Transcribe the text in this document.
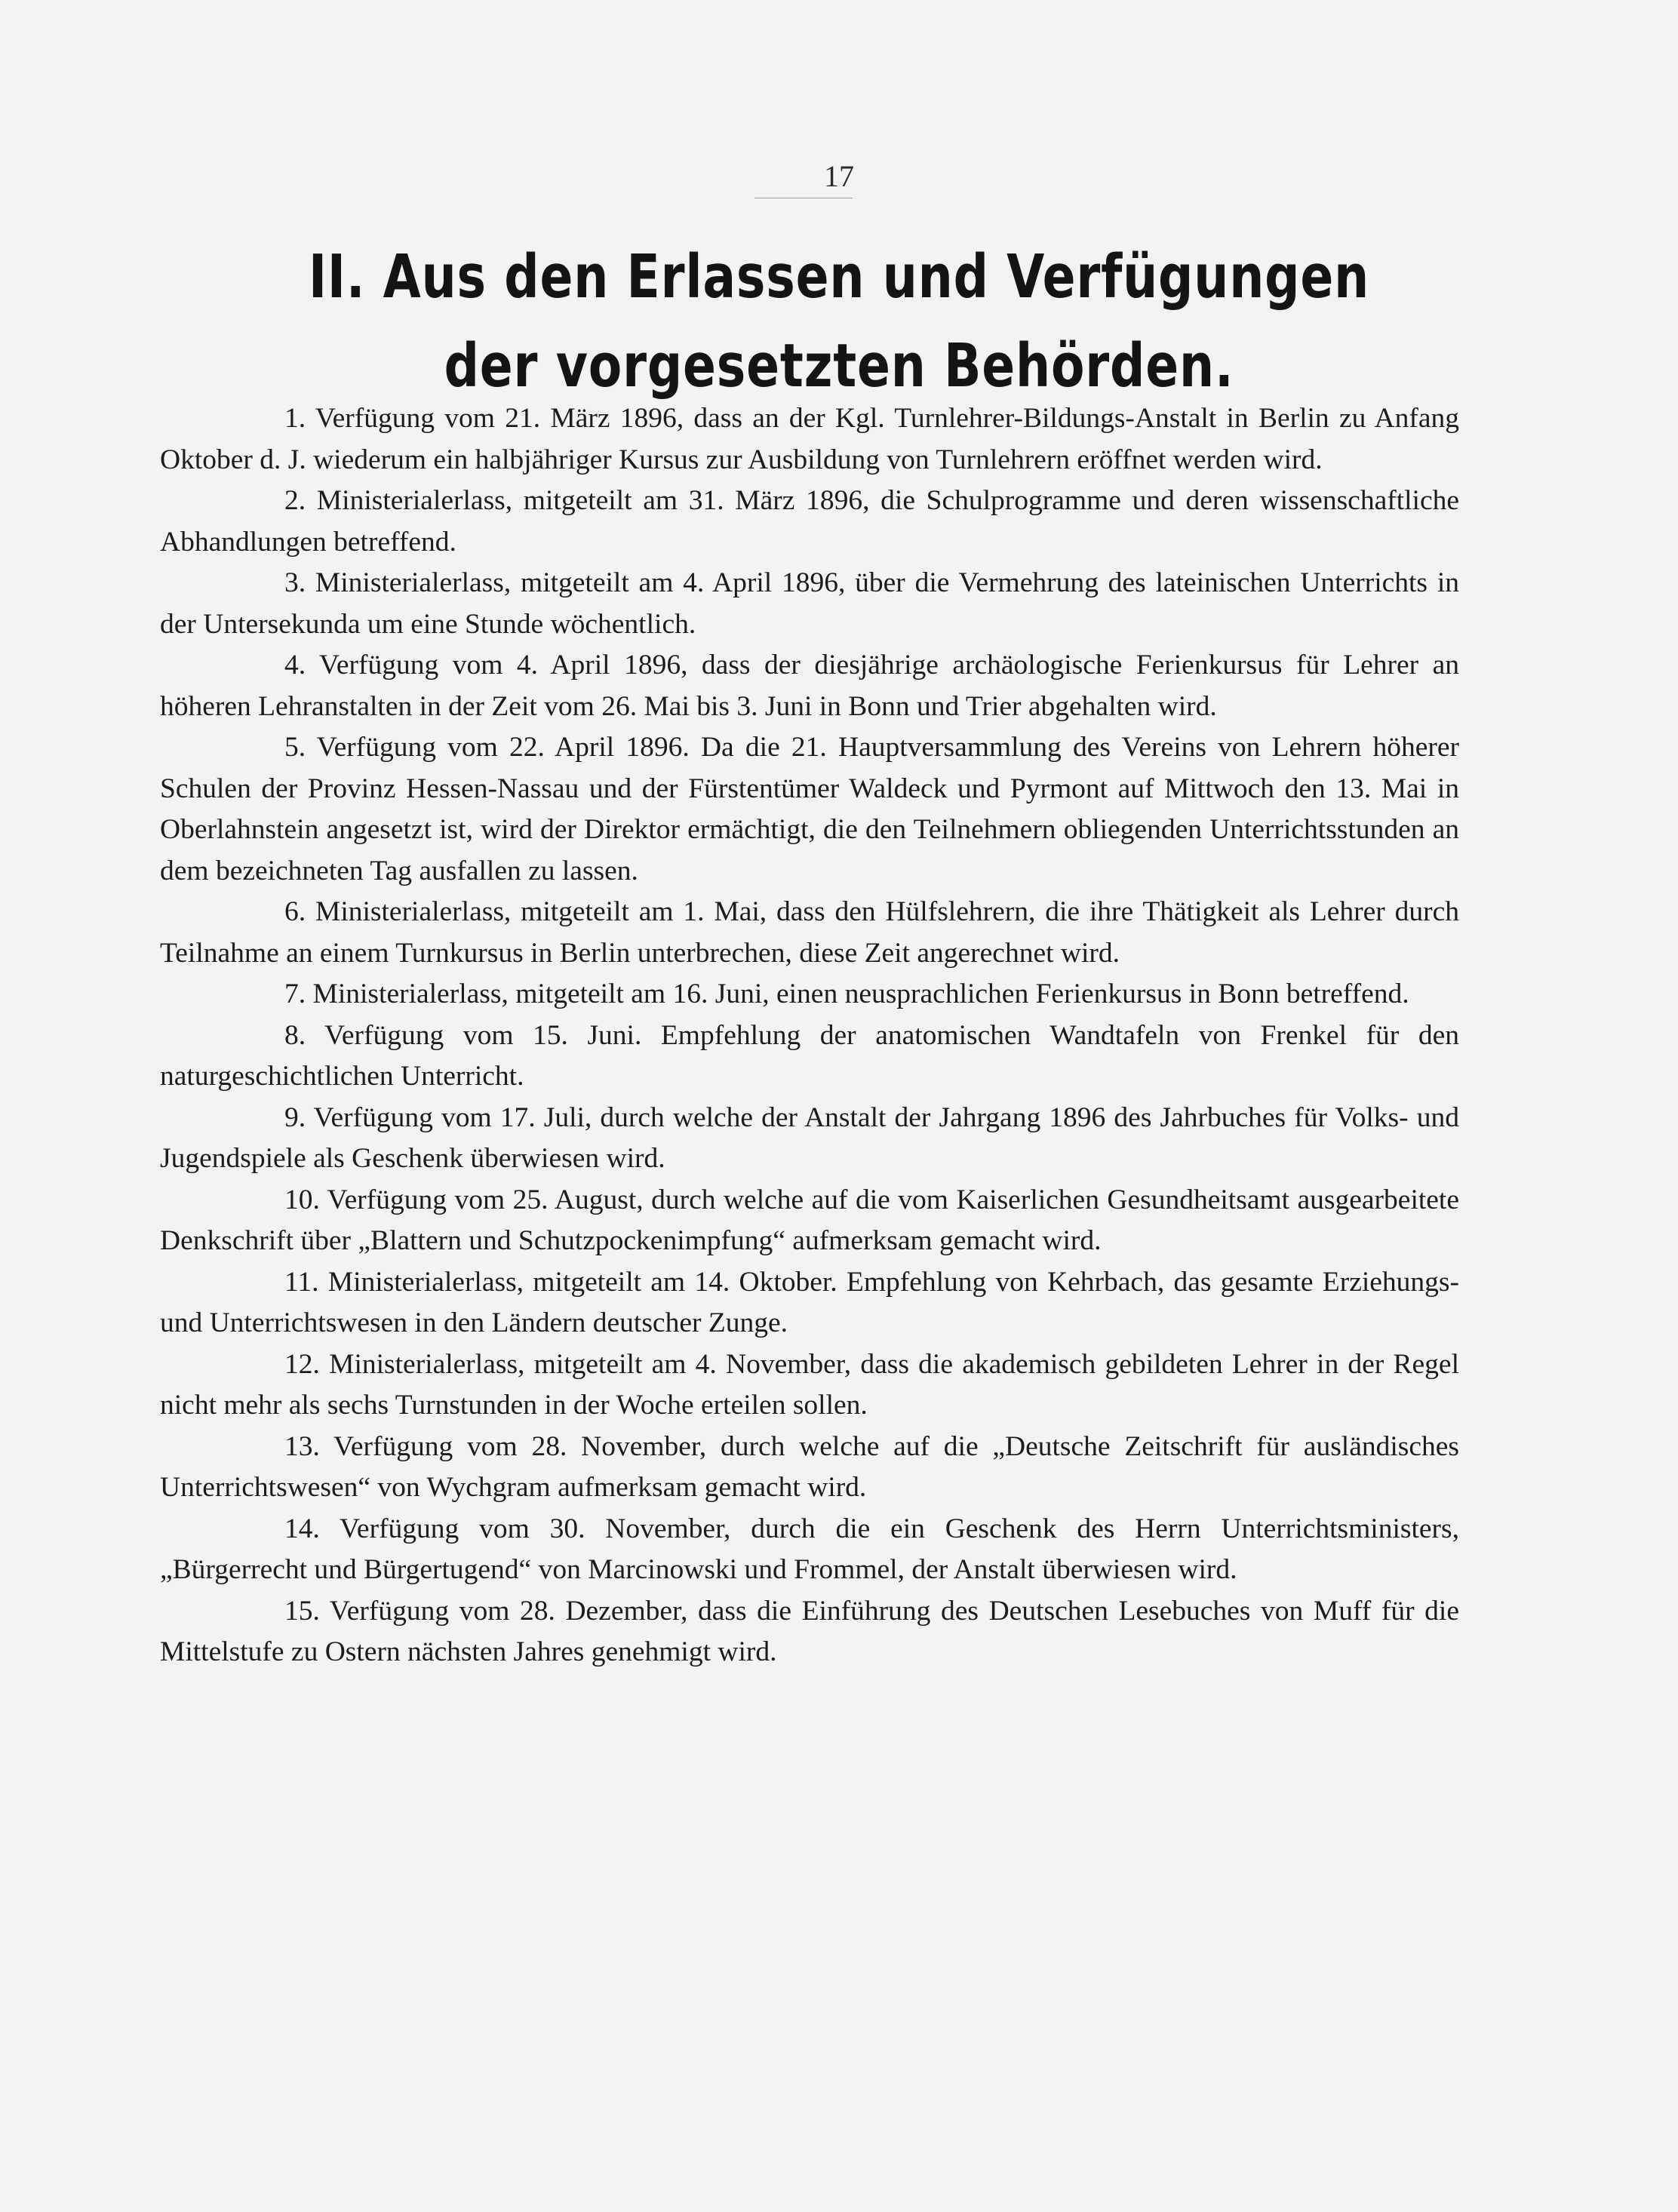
17
II. Aus den Erlassen und Verfügungen
der vorgesetzten Behörden.

1. Verfügung vom 21. März 1896, dass an der Kgl. Turnlehrer-Bildungs-Anstalt in Berlin zu Anfang Oktober d. J. wiederum ein halbjähriger Kursus zur Ausbildung von Turnlehrern eröffnet werden wird.

2. Ministerialerlass, mitgeteilt am 31. März 1896, die Schulprogramme und deren wissenschaftliche Abhandlungen betreffend.

3. Ministerialerlass, mitgeteilt am 4. April 1896, über die Vermehrung des lateinischen Unterrichts in der Untersekunda um eine Stunde wöchentlich.

4. Verfügung vom 4. April 1896, dass der diesjährige archäologische Ferienkursus für Lehrer an höheren Lehranstalten in der Zeit vom 26. Mai bis 3. Juni in Bonn und Trier abgehalten wird.

5. Verfügung vom 22. April 1896. Da die 21. Hauptversammlung des Vereins von Lehrern höherer Schulen der Provinz Hessen-Nassau und der Fürstentümer Waldeck und Pyrmont auf Mittwoch den 13. Mai in Oberlahnstein angesetzt ist, wird der Direktor ermächtigt, die den Teilnehmern obliegenden Unterrichtsstunden an dem bezeichneten Tag ausfallen zu lassen.

6. Ministerialerlass, mitgeteilt am 1. Mai, dass den Hülfslehrern, die ihre Thätigkeit als Lehrer durch Teilnahme an einem Turnkursus in Berlin unterbrechen, diese Zeit angerechnet wird.

7. Ministerialerlass, mitgeteilt am 16. Juni, einen neusprachlichen Ferienkursus in Bonn betreffend.

8. Verfügung vom 15. Juni. Empfehlung der anatomischen Wandtafeln von Frenkel für den naturgeschichtlichen Unterricht.

9. Verfügung vom 17. Juli, durch welche der Anstalt der Jahrgang 1896 des Jahrbuches für Volks- und Jugendspiele als Geschenk überwiesen wird.

10. Verfügung vom 25. August, durch welche auf die vom Kaiserlichen Gesundheitsamt ausgearbeitete Denkschrift über „Blattern und Schutzpockenimpfung“ aufmerksam gemacht wird.

11. Ministerialerlass, mitgeteilt am 14. Oktober. Empfehlung von Kehrbach, das gesamte Erziehungs- und Unterrichtswesen in den Ländern deutscher Zunge.

12. Ministerialerlass, mitgeteilt am 4. November, dass die akademisch gebildeten Lehrer in der Regel nicht mehr als sechs Turnstunden in der Woche erteilen sollen.

13. Verfügung vom 28. November, durch welche auf die „Deutsche Zeitschrift für ausländisches Unterrichtswesen“ von Wychgram aufmerksam gemacht wird.

14. Verfügung vom 30. November, durch die ein Geschenk des Herrn Unterrichtsministers, „Bürgerrecht und Bürgertugend“ von Marcinowski und Frommel, der Anstalt überwiesen wird.

15. Verfügung vom 28. Dezember, dass die Einführung des Deutschen Lesebuches von Muff für die Mittelstufe zu Ostern nächsten Jahres genehmigt wird.
